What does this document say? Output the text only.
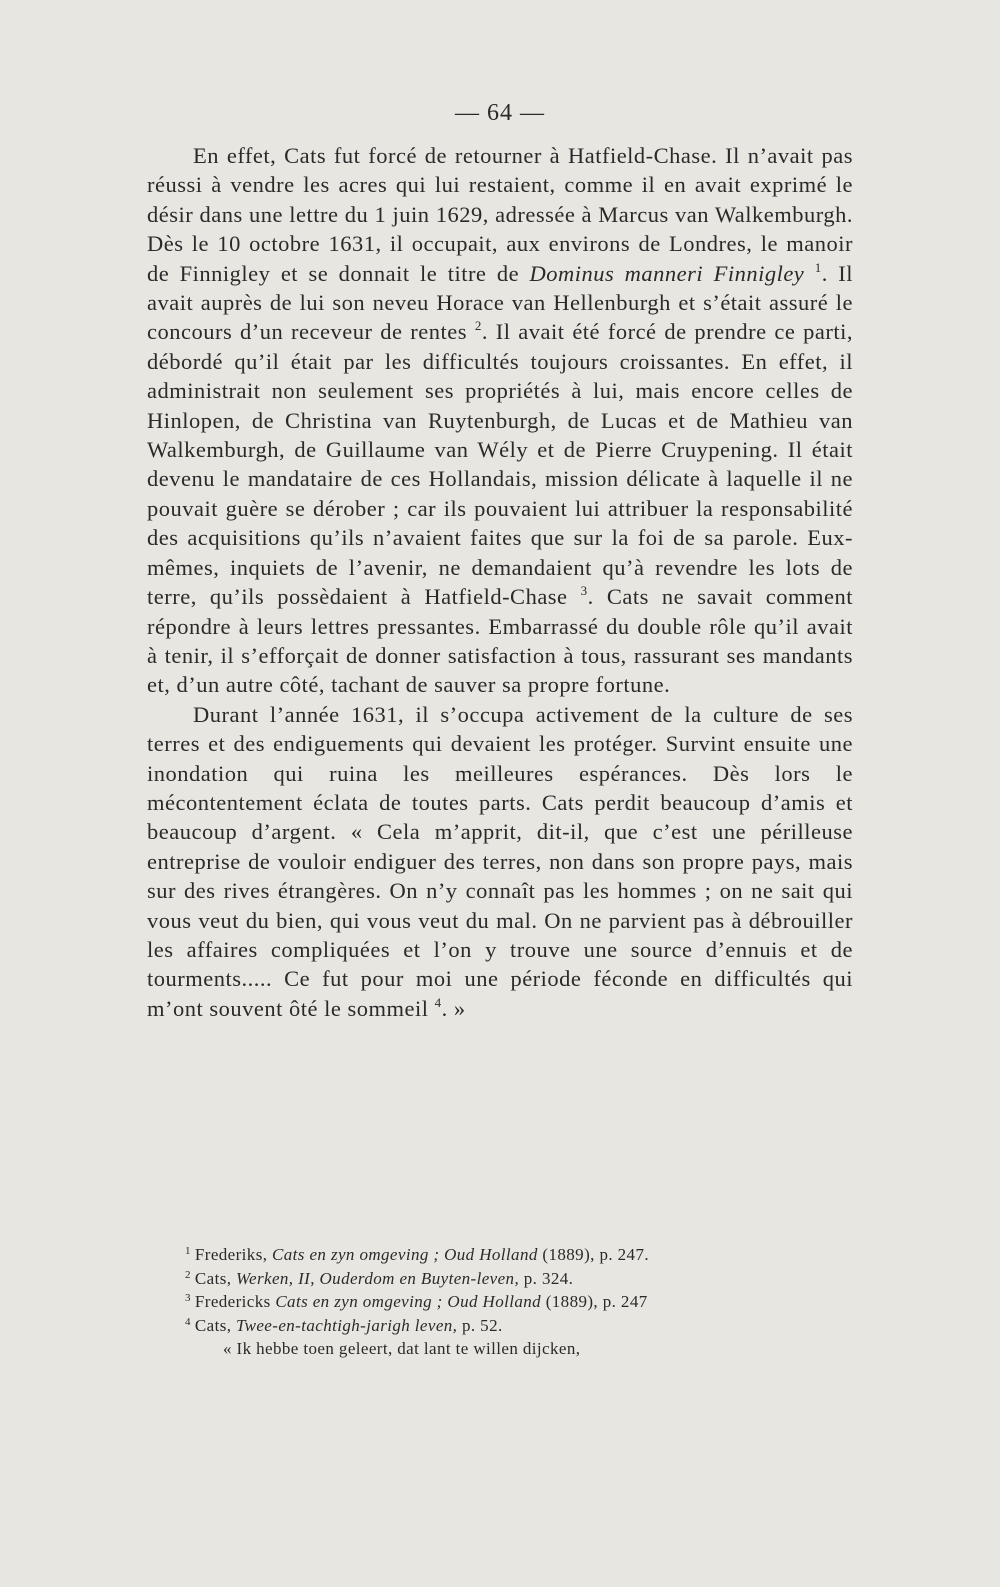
— 64 —

En effet, Cats fut forcé de retourner à Hatfield-Chase. Il n’avait pas réussi à vendre les acres qui lui restaient, comme il en avait exprimé le désir dans une lettre du 1 juin 1629, adressée à Marcus van Walkemburgh. Dès le 10 octobre 1631, il occupait, aux environs de Londres, le manoir de Finnigley et se donnait le titre de Dominus manneri Finnigley $^1$. Il avait auprès de lui son neveu Horace van Hellenburgh et s’était assuré le concours d’un receveur de rentes $^2$. Il avait été forcé de prendre ce parti, débordé qu’il était par les difficultés toujours croissantes. En effet, il administrait non seulement ses propriétés à lui, mais encore celles de Hinlopen, de Christina van Ruytenburgh, de Lucas et de Mathieu van Walkemburgh, de Guillaume van Wély et de Pierre Cruypening. Il était devenu le mandataire de ces Hollandais, mission délicate à laquelle il ne pouvait guère se dérober ; car ils pouvaient lui attribuer la responsabilité des acquisitions qu’ils n’avaient faites que sur la foi de sa parole. Eux-mêmes, inquiets de l’avenir, ne demandaient qu’à revendre les lots de terre, qu’ils possèdaient à Hatfield-Chase $^3$. Cats ne savait comment répondre à leurs lettres pressantes. Embarrassé du double rôle qu’il avait à tenir, il s’efforçait de donner satisfaction à tous, rassurant ses mandants et, d’un autre côté, tachant de sauver sa propre fortune.

Durant l’année 1631, il s’occupa activement de la culture de ses terres et des endiguements qui devaient les protéger. Survint ensuite une inondation qui ruina les meilleures espérances. Dès lors le mécontentement éclata de toutes parts. Cats perdit beaucoup d’amis et beaucoup d’argent. « Cela m’apprit, dit-il, que c’est une périlleuse entreprise de vouloir endiguer des terres, non dans son propre pays, mais sur des rives étrangères. On n’y connaît pas les hommes ; on ne sait qui vous veut du bien, qui vous veut du mal. On ne parvient pas à débrouiller les affaires compliquées et l’on y trouve une source d’ennuis et de tourments..... Ce fut pour moi une période féconde en difficultés qui m’ont souvent ôté le sommeil $^4$. »

$^1$ Frederiks, Cats en zyn omgeving ; Oud Holland (1889), p. 247.

$^2$ Cats, Werken, II, Ouderdom en Buyten-leven, p. 324.

$^3$ Fredericks Cats en zyn omgeving ; Oud Holland (1889), p. 247

$^4$ Cats, Twee-en-tachtigh-jarigh leven, p. 52.

« Ik hebbe toen geleert, dat lant te willen dijcken,
